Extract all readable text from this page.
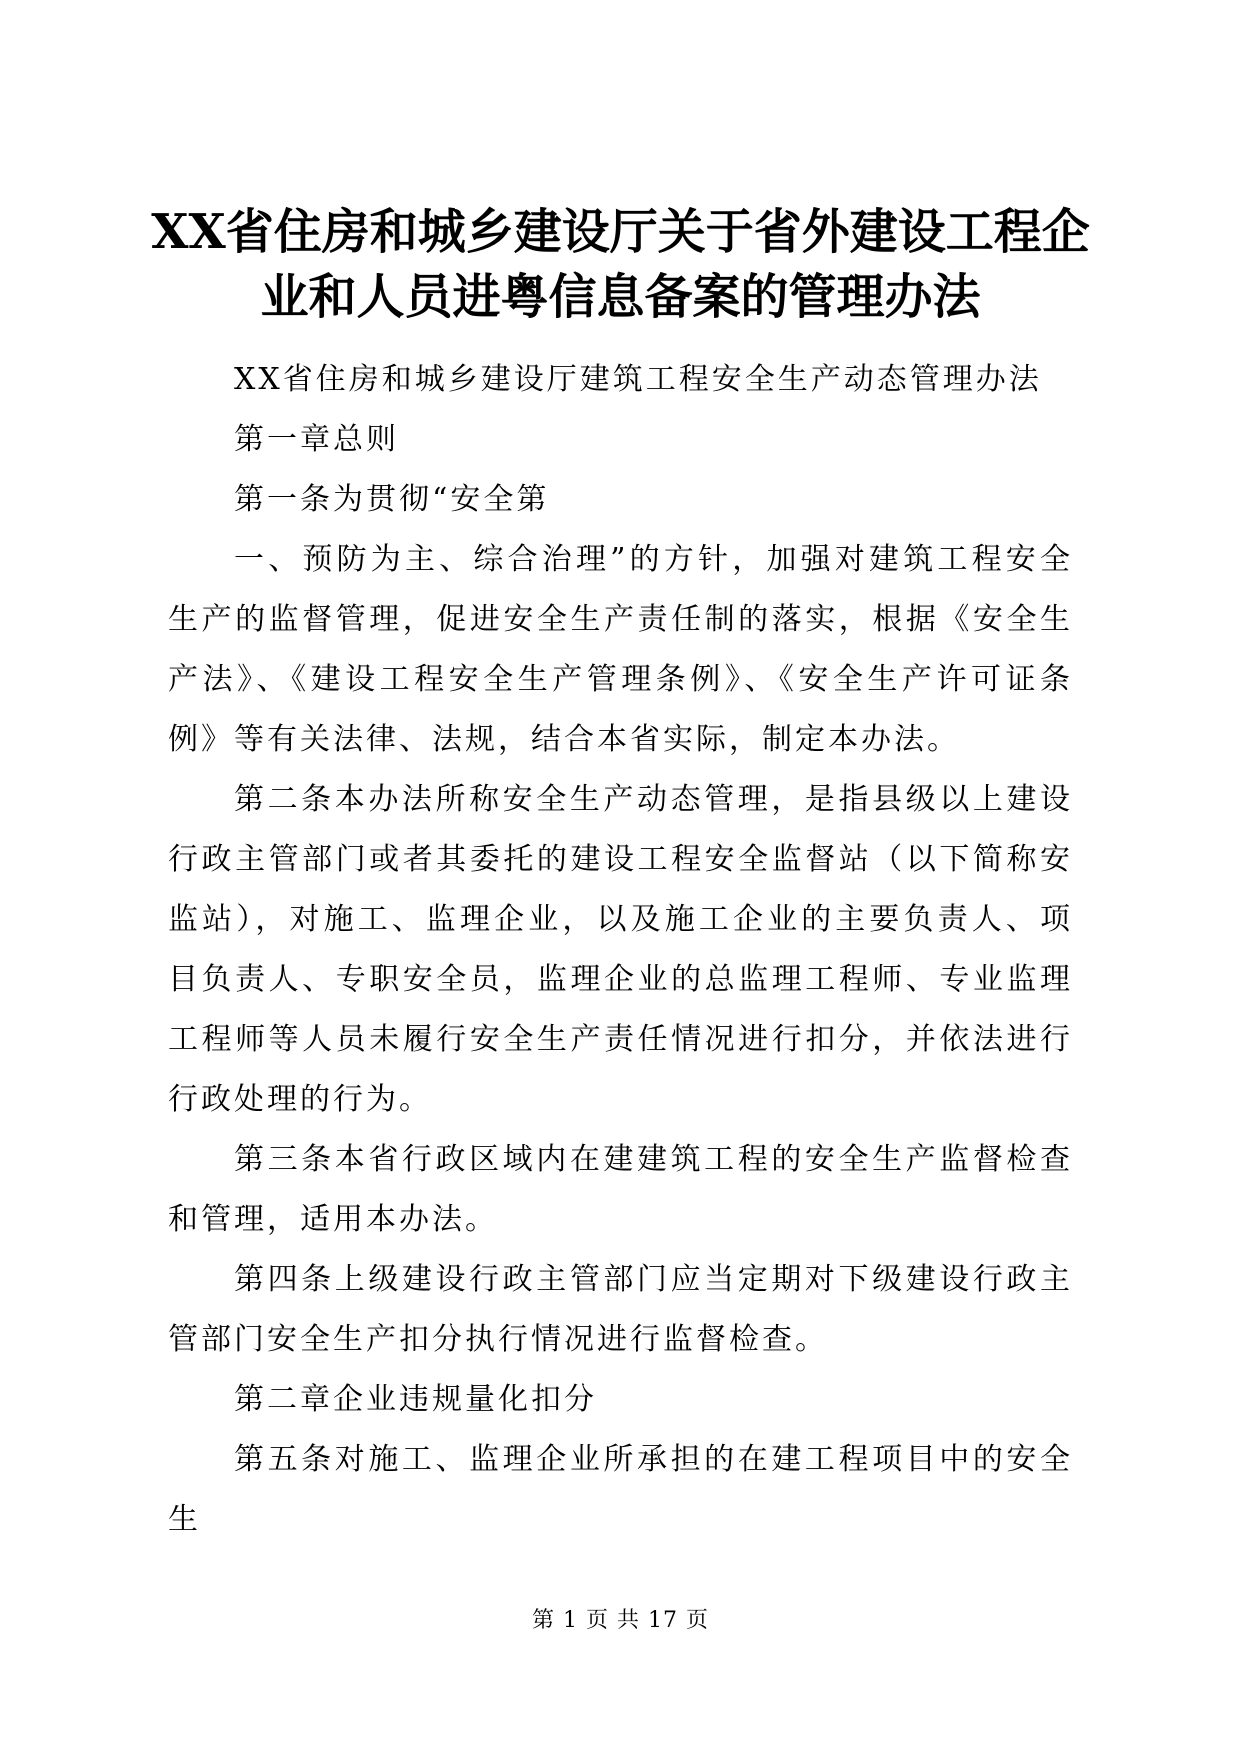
XX省住房和城乡建设厅关于省外建设工程企
业和人员进粤信息备案的管理办法

XX省住房和城乡建设厅建筑工程安全生产动态管理办法

第一章总则

第一条为贯彻“安全第

一、预防为主、综合治理”的方针，加强对建筑工程安全生产的监督管理，促进安全生产责任制的落实，根据《安全生产法》、《建设工程安全生产管理条例》、《安全生产许可证条例》等有关法律、法规，结合本省实际，制定本办法。

第二条本办法所称安全生产动态管理，是指县级以上建设行政主管部门或者其委托的建设工程安全监督站（以下简称安监站），对施工、监理企业，以及施工企业的主要负责人、项目负责人、专职安全员，监理企业的总监理工程师、专业监理工程师等人员未履行安全生产责任情况进行扣分，并依法进行行政处理的行为。

第三条本省行政区域内在建建筑工程的安全生产监督检查和管理，适用本办法。

第四条上级建设行政主管部门应当定期对下级建设行政主管部门安全生产扣分执行情况进行监督检查。

第二章企业违规量化扣分

第五条对施工、监理企业所承担的在建工程项目中的安全生

第 1 页 共 17 页
